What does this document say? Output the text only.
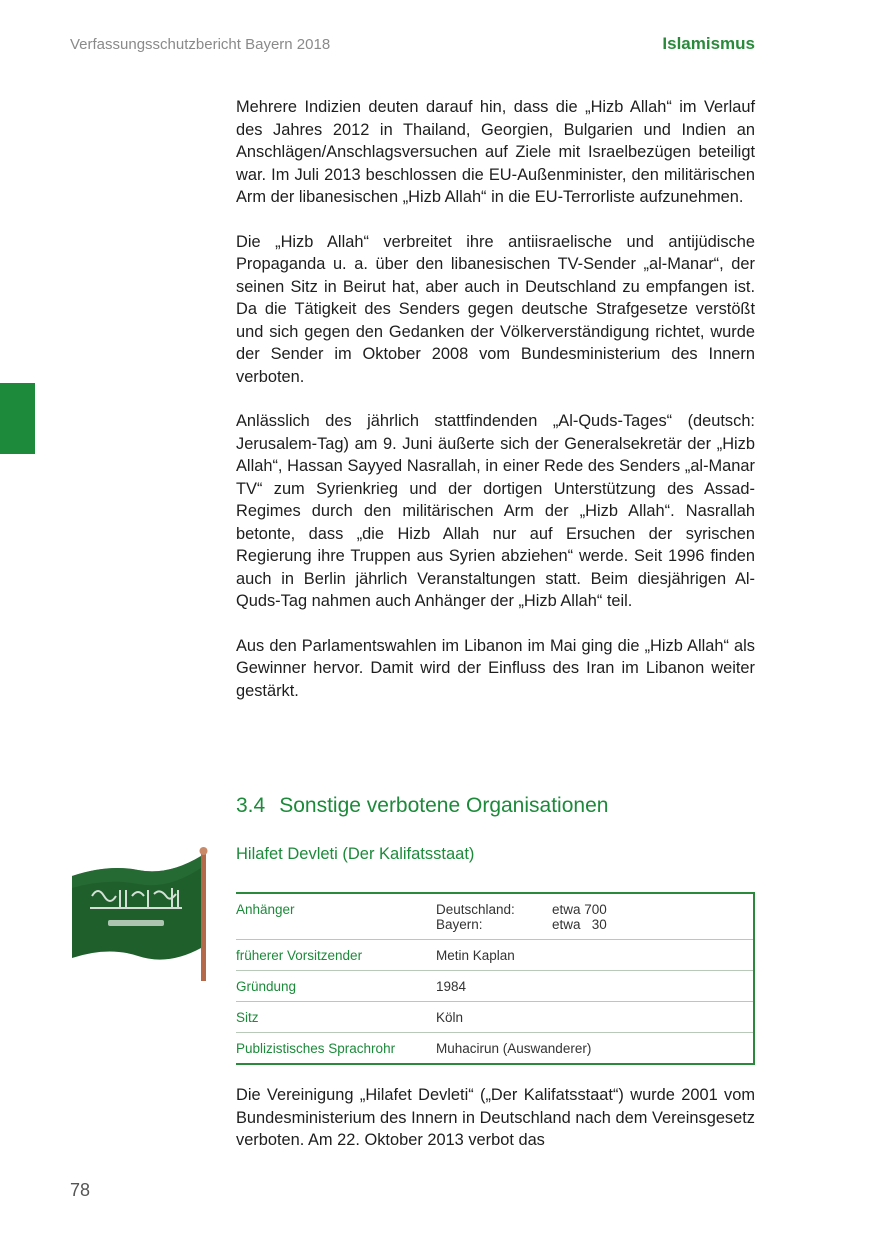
Verfassungsschutzbericht Bayern 2018	Islamismus

Mehrere Indizien deuten darauf hin, dass die „Hizb Allah“ im Verlauf des Jahres 2012 in Thailand, Georgien, Bulgarien und Indien an Anschlägen/Anschlagsversuchen auf Ziele mit Israelbezügen beteiligt war. Im Juli 2013 beschlossen die EU-Außenminister, den militärischen Arm der libanesischen „Hizb Allah“ in die EU-Terrorliste aufzunehmen.

Die „Hizb Allah“ verbreitet ihre antiisraelische und antijüdische Propaganda u. a. über den libanesischen TV-Sender „al-Manar“, der seinen Sitz in Beirut hat, aber auch in Deutschland zu empfangen ist. Da die Tätigkeit des Senders gegen deutsche Strafgesetze verstößt und sich gegen den Gedanken der Völkerverständigung richtet, wurde der Sender im Oktober 2008 vom Bundesministerium des Innern verboten.

Anlässlich des jährlich stattfindenden „Al-Quds-Tages“ (deutsch: Jerusalem-Tag) am 9. Juni äußerte sich der Generalsekretär der „Hizb Allah“, Hassan Sayyed Nasrallah, in einer Rede des Senders „al-Manar TV“ zum Syrienkrieg und der dortigen Unterstützung des Assad-Regimes durch den militärischen Arm der „Hizb Allah“. Nasrallah betonte, dass „die Hizb Allah nur auf Ersuchen der syrischen Regierung ihre Truppen aus Syrien abziehen“ werde. Seit 1996 finden auch in Berlin jährlich Veranstaltungen statt. Beim diesjährigen Al-Quds-Tag nahmen auch Anhänger der „Hizb Allah“ teil.

Aus den Parlamentswahlen im Libanon im Mai ging die „Hizb Allah“ als Gewinner hervor. Damit wird der Einfluss des Iran im Libanon weiter gestärkt.

3.4 Sonstige verbotene Organisationen
Hilafet Devleti (Der Kalifatsstaat)
Anhänger	Deutschland: etwa 700
Bayern: etwa   30

früherer Vorsitzender	Metin Kaplan
Gründung	1984
Sitz	Köln
Publizistisches Sprachrohr	Muhacirun (Auswanderer)

Die Vereinigung „Hilafet Devleti“ („Der Kalifatsstaat“) wurde 2001 vom Bundesministerium des Innern in Deutschland nach dem Vereinsgesetz verboten. Am 22. Oktober 2013 verbot das

78
